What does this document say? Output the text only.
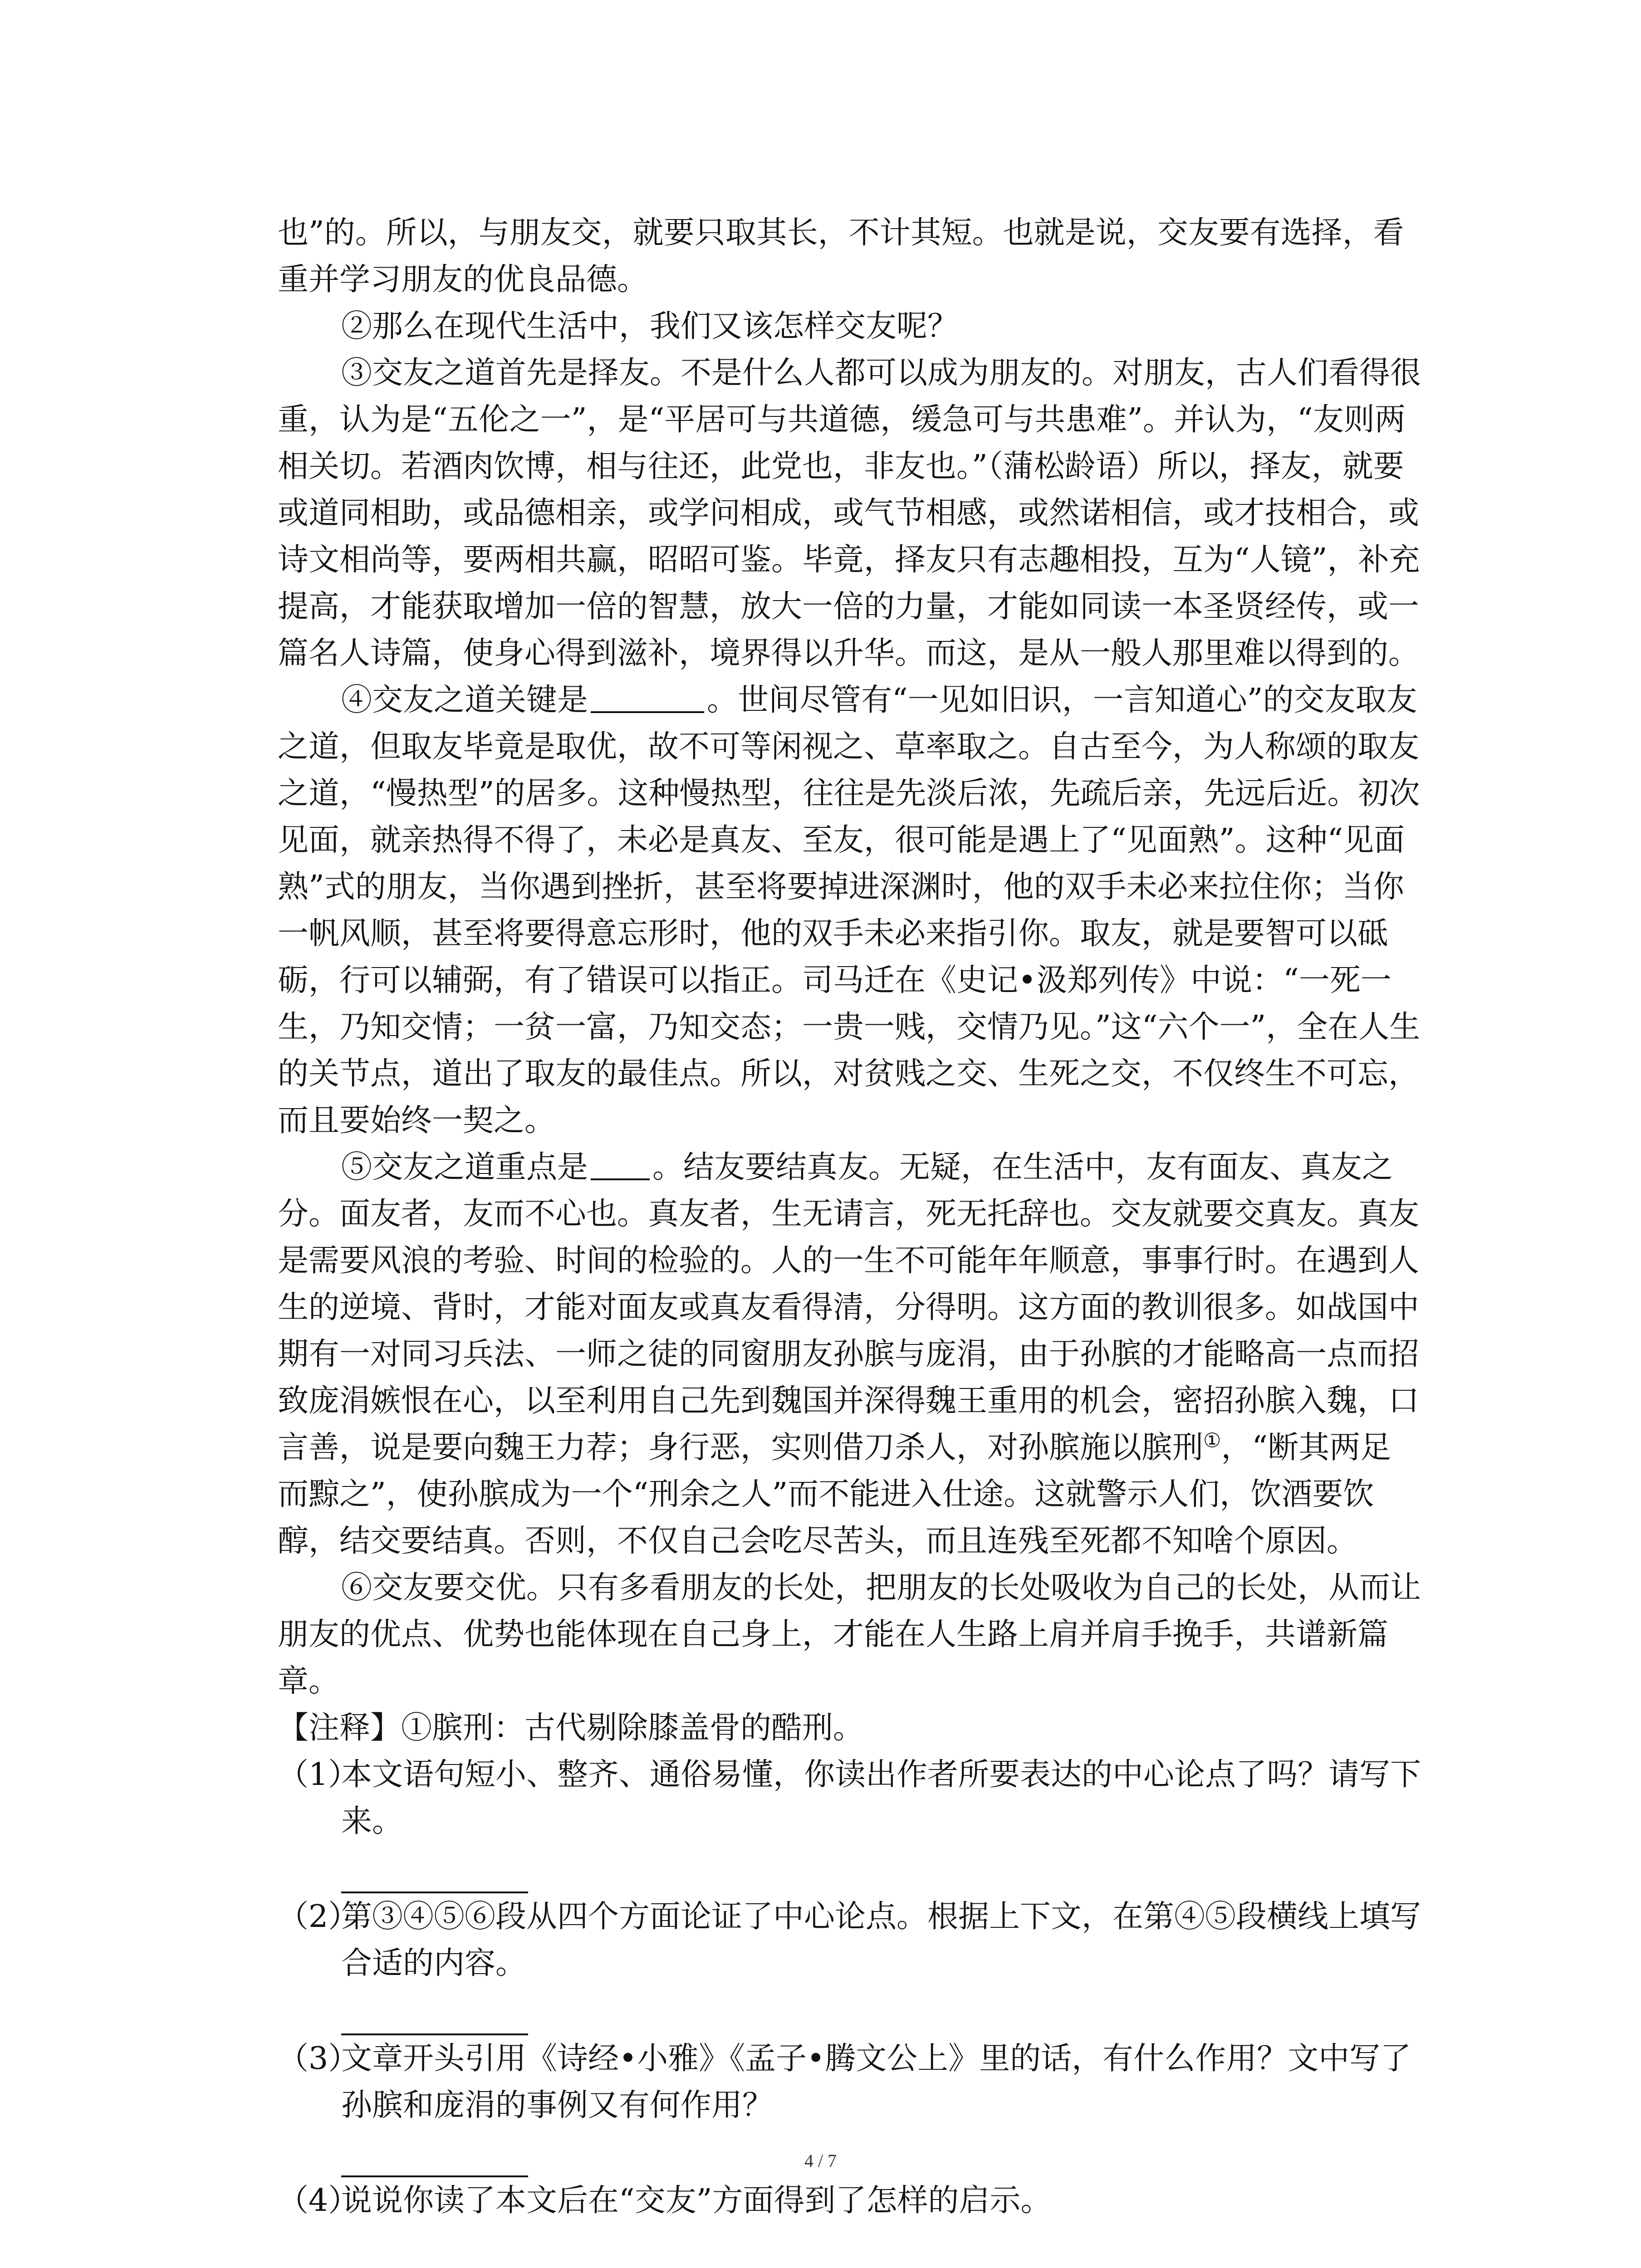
也”的。所以，与朋友交，就要只取其长，不计其短。也就是说，交友要有选择，看重并学习朋友的优良品德。

②那么在现代生活中，我们又该怎样交友呢？

③交友之道首先是择友。不是什么人都可以成为朋友的。对朋友，古人们看得很重，认为是“五伦之一”，是“平居可与共道德，缓急可与共患难”。并认为，“友则两相关切。若酒肉饮博，相与往还，此党也，非友也。”（蒲松龄语）所以，择友，就要或道同相助，或品德相亲，或学问相成，或气节相感，或然诺相信，或才技相合，或诗文相尚等，要两相共赢，昭昭可鉴。毕竟，择友只有志趣相投，互为“人镜”，补充提高，才能获取增加一倍的智慧，放大一倍的力量，才能如同读一本圣贤经传，或一篇名人诗篇，使身心得到滋补，境界得以升华。而这，是从一般人那里难以得到的。

④交友之道关键是	。世间尽管有“一见如旧识，一言知道心”的交友取友之道，但取友毕竟是取优，故不可等闲视之、草率取之。自古至今，为人称颂的取友之道，“慢热型”的居多。这种慢热型，往往是先淡后浓，先疏后亲，先远后近。初次见面，就亲热得不得了，未必是真友、至友，很可能是遇上了“见面熟”。这种“见面熟”式的朋友，当你遇到挫折，甚至将要掉进深渊时，他的双手未必来拉住你；当你一帆风顺，甚至将要得意忘形时，他的双手未必来指引你。取友，就是要智可以砥砺，行可以辅弼，有了错误可以指正。司马迁在《史记•汲郑列传》中说：“一死一生，乃知交情；一贫一富，乃知交态；一贵一贱，交情乃见。”这“六个一”，全在人生的关节点，道出了取友的最佳点。所以，对贫贱之交、生死之交，不仅终生不可忘，而且要始终一契之。

⑤交友之道重点是 。结友要结真友。无疑，在生活中，友有面友、真友之分。面友者，友而不心也。真友者，生无请言，死无托辞也。交友就要交真友。真友是需要风浪的考验、时间的检验的。人的一生不可能年年顺意，事事行时。在遇到人生的逆境、背时，才能对面友或真友看得清，分得明。这方面的教训很多。如战国中期有一对同习兵法、一师之徒的同窗朋友孙膑与庞涓，由于孙膑的才能略高一点而招致庞涓嫉恨在心，以至利用自己先到魏国并深得魏王重用的机会，密招孙膑入魏，口言善，说是要向魏王力荐；身行恶，实则借刀杀人，对孙膑施以膑刑①，“断其两足而黥之”，使孙膑成为一个“刑余之人”而不能进入仕途。这就警示人们，饮酒要饮醇，结交要结真。否则，不仅自己会吃尽苦头，而且连残至死都不知啥个原因。

⑥交友要交优。只有多看朋友的长处，把朋友的长处吸收为自己的长处，从而让朋友的优点、优势也能体现在自己身上，才能在人生路上肩并肩手挽手，共谱新篇章。

【注释】①膑刑：古代剔除膝盖骨的酷刑。

（1）
本文语句短小、整齐、通俗易懂，你读出作者所要表达的中心论点了吗？请写下来。
（2）
第③④⑤⑥段从四个方面论证了中心论点。根据上下文，在第④⑤段横线上填写合适的内容。
（3）
文章开头引用《诗经•小雅》《孟子•腾文公上》里的话，有什么作用？文中写了孙膑和庞涓的事例又有何作用？
（4）
说说你读了本文后在“交友”方面得到了怎样的启示。
4 / 7
